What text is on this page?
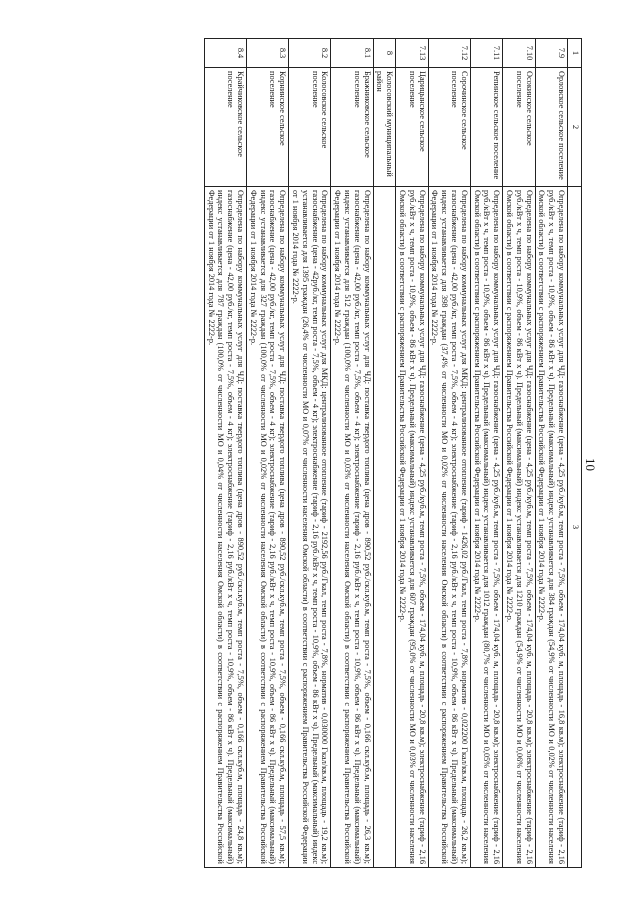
10
1	2	3
7.9	Орловское сельское поселение	Определена по набору коммунальных услуг для ЧД: газоснабжение (цена - 4,25 руб./куб.м, темп роста - 7,5%, объем - 174,04 куб. м, площадь - 16,8 кв.м); электроснабжение (тариф - 2,16 руб./кВт х ч, темп роста - 10,9%, объем - 86 кВт х ч). Предельный (максимальный) индекс устанавливается для 384 граждан (54,9% от численности МО и 0,02% от численности населения Омской области) в соответствии с распоряжением Правительства Российской Федерации от 1 ноября 2014 года № 2222-р.
7.10	Осокинское сельское поселение	Определена по набору коммунальных услуг для ЧД: газоснабжение (цена - 4,25 руб./куб.м, темп роста - 7,5%, объем - 174,04 куб. м, площадь - 20,8 кв.м); электроснабжение (тариф - 2,16 руб./кВт х ч, темп роста - 10,9%, объем - 86 кВт х ч). Предельный (максимальный) индекс устанавливается для 1210 граждан (54,9% от численности МО и 0,06% от численности населения Омской области) в соответствии с распоряжением Правительства Российской Федерации от 1 ноября 2014 года № 2222-р.
7.11	Репинское сельское поселение	Определена по набору коммунальных услуг для ЧД: газоснабжение (цена - 4,25 руб./куб.м, темп роста - 7,5%, объем - 174,04 куб. м, площадь - 20,8 кв.м); электроснабжение (тариф - 2,16 руб./кВт х ч, темп роста - 10,9%, объем - 86 кВт х ч). Предельный (максимальный) индекс устанавливается для 1012 граждан (80,7% от численности МО и 0,05% от численности населения Омской области) в соответствии с распоряжением Правительства Российской Федерации от 1 ноября 2014 года № 2222-р.
7.12	Сорочинское сельское поселение	Определена по набору коммунальных услуг для МКД: централизованное отопление (тариф - 1426,02 руб./Гкал, темп роста - 7,8%, норматив - 0,022200 Гкал/кв.м, площадь - 26,2 кв.м); газоснабжение (цена - 42,00 руб./кг, темп роста - 7,5%, объем - 4 кг); электроснабжение (тариф - 2,16 руб./кВт х ч, темп роста - 10,9%, объем - 86 кВт х ч). Предельный (максимальный) индекс устанавливается для 398 граждан (37,4% от численности МО и 0,02% от численности населения Омской области) в соответствии с распоряжением Правительства Российской Федерации от 1 ноября 2014 года № 2222-р.
7.13	Царицынское сельское поселение	Определена по набору коммунальных услуг для ЧД: газоснабжение (цена - 4,25 руб./куб.м, темп роста - 7,5%, объем - 174,04 куб. м, площадь - 20,8 кв.м); электроснабжение (тариф - 2,16 руб./кВт х ч, темп роста - 10,9%, объем - 86 кВт х ч). Предельный (максимальный) индекс устанавливается для 607 граждан (95,0% от численности МО и 0,03% от численности населения Омской области) в соответствии с распоряжением Правительства Российской Федерации от 1 ноября 2014 года № 2222-р.
8	Колосовский муниципальный район	
8.1	Бражниковское сельское поселение	Определена по набору коммунальных услуг для ЧД: поставка твердого топлива (цена дров - 890,52 руб./скл.куб.м, темп роста - 7,5%, объем - 0,166 скл.куб.м, площадь - 26,3 кв.м); газоснабжение (цена - 42,00 руб./кг, темп роста - 7,5%, объем - 4 кг); электроснабжение (тариф - 2,16 руб./кВт х ч, темп роста - 10,9%, объем - 86 кВт х ч). Предельный (максимальный) индекс устанавливается для 512 граждан (100,0% от численности МО и 0,03% от численности населения Омской области) в соответствии с распоряжением Правительства Российской Федерации от 1 ноября 2014 года № 2222-р.
8.2	Колосовское сельское поселение	Определена по набору коммунальных услуг для МКД: централизованное отопление (тариф - 2192,56 руб./Гкал, темп роста - 7,8%, норматив - 0,030000 Гкал/кв.м, площадь - 19,2 кв.м); газоснабжение (цена - 42руб./кг, темп роста - 7,5%, объем - 4 кг); электроснабжение (тариф - 2,16 руб./кВт х ч, темп роста - 10,9%, объем - 86 кВт х ч). Предельный (максимальный) индекс устанавливается для 1395 граждан (26,4% от численности МО и 0,07% от численности населения Омской области) в соответствии с распоряжением Правительства Российской Федерации от 1 ноября 2014 года № 2222-р.
8.3	Корнинское сельское поселение	Определена по набору коммунальных услуг для ЧД: поставка твердого топлива (цена дров - 890,52 руб./скл.куб.м, темп роста - 7,5%, объем - 0,166 скл.куб.м, площадь - 57,5 кв.м); газоснабжение (цена - 42,00 руб./кг, темп роста - 7,5%, объем - 4 кг); электроснабжение (тариф - 2,16 руб./кВт х ч, темп роста - 10,9%, объем - 86 кВт х ч). Предельный (максимальный) индекс устанавливается для 327 граждан (100,0% от численности МО и 0,02% от численности населения Омской области) в соответствии с распоряжением Правительства Российской Федерации от 1 ноября 2014 года № 2222-р.
8.4	Крайчиковское сельское поселение	Определена по набору коммунальных услуг для ЧД: поставка твердого топлива (цена дров - 890,52 руб./скл.куб.м, темп роста - 7,5%, объем - 0,166 скл.куб.м, площадь - 24,8 кв.м); газоснабжение (цена - 42,00 руб./кг, темп роста - 7,5%, объем - 4 кг); электроснабжение (тариф - 2,16 руб./кВт х ч, темп роста - 10,9%, объем - 86 кВт х ч). Предельный (максимальный) индекс устанавливается для 787 граждан (100,0% от численности МО и 0,04% от численности населения Омской области) в соответствии с распоряжением Правительства Российской Федерации от 1 ноября 2014 года № 2222-р.
